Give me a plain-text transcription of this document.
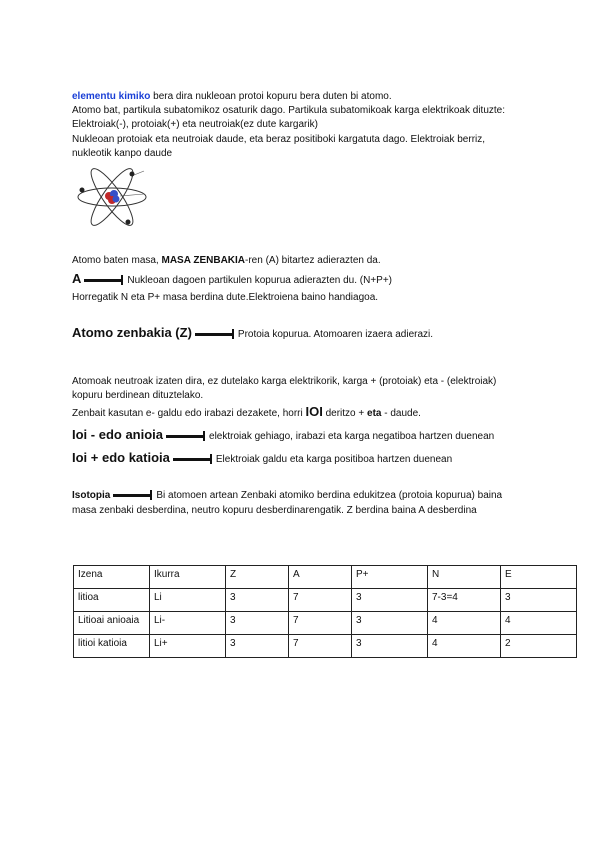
elementu kimiko bera dira nukleoan protoi kopuru bera duten bi atomo.
Atomo bat, partikula subatomikoz osaturik dago. Partikula subatomikoak karga elektrikoak dituzte:
Elektroiak(-), protoiak(+) eta neutroiak(ez dute kargarik)
Nukleoan protoiak eta neutroiak daude, eta beraz positiboki kargatuta dago. Elektroiak berriz,
nukleotik kanpo daude
Atomo baten masa, MASA ZENBAKIA-ren (A) bitartez adierazten da.
A	Nukleoan dagoen partikulen kopurua adierazten du. (N+P+)
Horregatik N eta P+ masa berdina dute.Elektroiena baino handiagoa.
Atomo zenbakia (Z)	Protoia kopurua. Atomoaren izaera adierazi.
Atomoak neutroak izaten dira, ez dutelako karga elektrikorik, karga + (protoiak) eta - (elektroiak)
kopuru berdinean dituztelako.
Zenbait kasutan e- galdu edo irabazi dezakete, horri IOI deritzo + eta - daude.
Ioi - edo anioia	elektroiak gehiago, irabazi eta karga negatiboa hartzen duenean
Ioi + edo katioia	Elektroiak galdu eta karga positiboa hartzen duenean
Isotopia	Bi atomoen artean Zenbaki atomiko berdina edukitzea (protoia kopurua) baina
masa zenbaki desberdina, neutro kopuru desberdinarengatik. Z berdina baina A desberdina
Izena	Ikurra	Z	A	P+	N	E
litioa	Li	3	7	3	7-3=4	3
Litioai anioaia	Li-	3	7	3	4	4
litioi katioia	Li+	3	7	3	4	2
